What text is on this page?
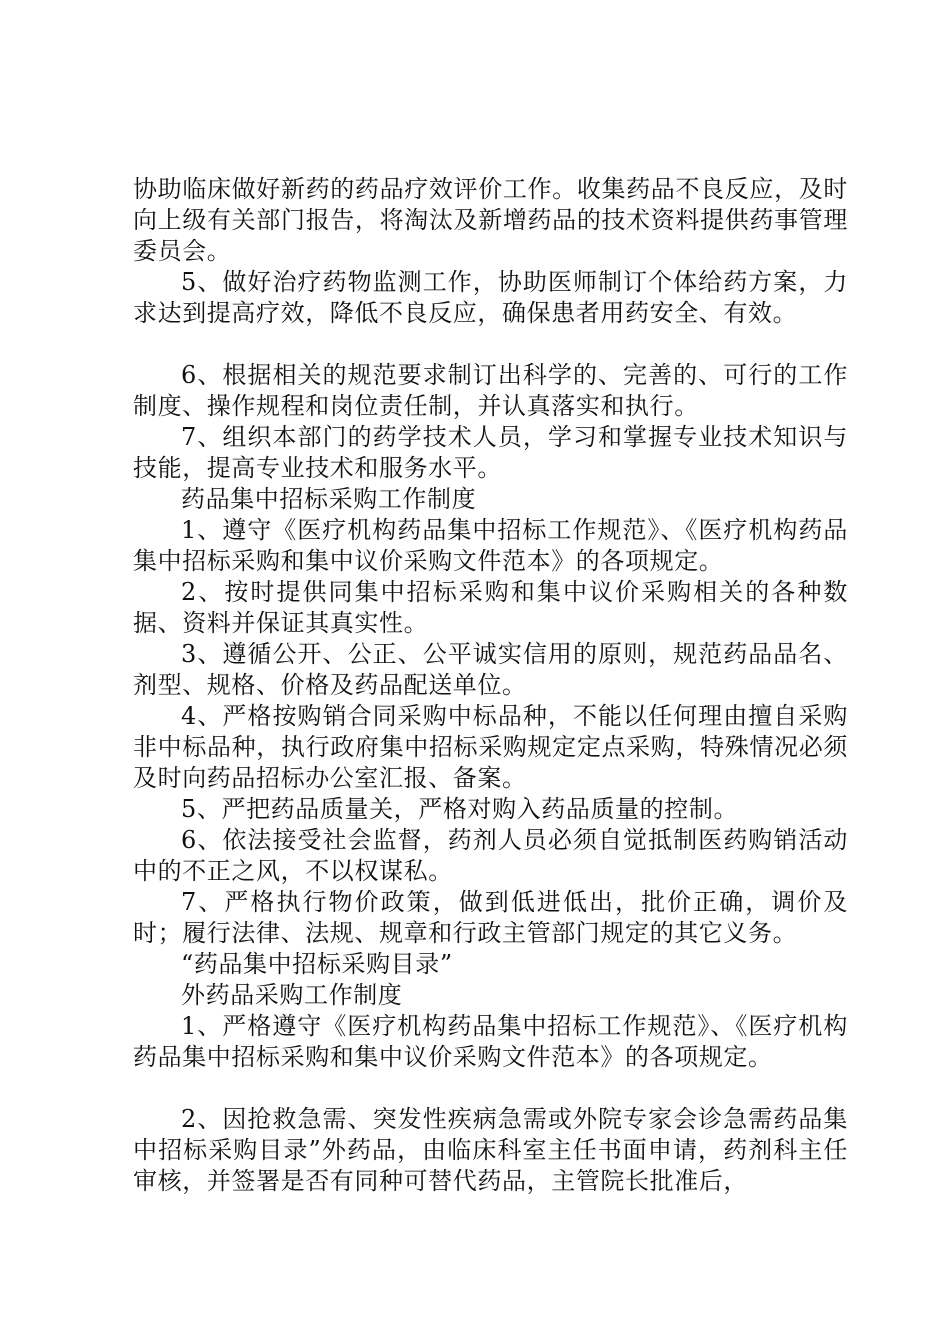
协助临床做好新药的药品疗效评价工作。收集药品不良反应，及时向上级有关部门报告，将淘汰及新增药品的技术资料提供药事管理委员会。

5、做好治疗药物监测工作，协助医师制订个体给药方案，力求达到提高疗效，降低不良反应，确保患者用药安全、有效。

6、根据相关的规范要求制订出科学的、完善的、可行的工作制度、操作规程和岗位责任制，并认真落实和执行。

7、组织本部门的药学技术人员，学习和掌握专业技术知识与技能，提高专业技术和服务水平。

药品集中招标采购工作制度

1、遵守《医疗机构药品集中招标工作规范》、《医疗机构药品集中招标采购和集中议价采购文件范本》的各项规定。

2、按时提供同集中招标采购和集中议价采购相关的各种数据、资料并保证其真实性。

3、遵循公开、公正、公平诚实信用的原则，规范药品品名、剂型、规格、价格及药品配送单位。

4、严格按购销合同采购中标品种，不能以任何理由擅自采购非中标品种，执行政府集中招标采购规定定点采购，特殊情况必须及时向药品招标办公室汇报、备案。

5、严把药品质量关，严格对购入药品质量的控制。

6、依法接受社会监督，药剂人员必须自觉抵制医药购销活动中的不正之风，不以权谋私。

7、严格执行物价政策，做到低进低出，批价正确，调价及时；履行法律、法规、规章和行政主管部门规定的其它义务。

“药品集中招标采购目录”

外药品采购工作制度

1、严格遵守《医疗机构药品集中招标工作规范》、《医疗机构药品集中招标采购和集中议价采购文件范本》的各项规定。

2、因抢救急需、突发性疾病急需或外院专家会诊急需药品集中招标采购目录”外药品，由临床科室主任书面申请，药剂科主任审核，并签署是否有同种可替代药品，主管院长批准后，
